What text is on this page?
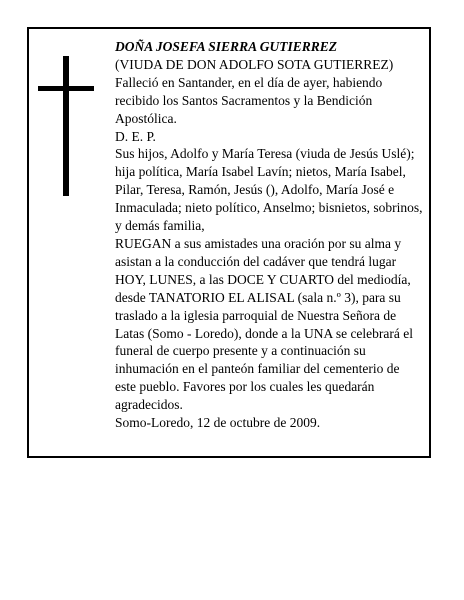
DOÑA JOSEFA SIERRA GUTIERREZ
(VIUDA DE DON ADOLFO SOTA GUTIERREZ)
Falleció en Santander, en el día de ayer, habiendo recibido los Santos Sacramentos y la Bendición Apostólica.
D. E. P.
Sus hijos, Adolfo y María Teresa (viuda de Jesús Uslé); hija política, María Isabel Lavín; nietos, María Isabel, Pilar, Teresa, Ramón, Jesús (), Adolfo, María José e Inmaculada; nieto político, Anselmo; bisnietos, sobrinos, y demás familia,
RUEGAN a sus amistades una oración por su alma y asistan a la conducción del cadáver que tendrá lugar HOY, LUNES, a las DOCE Y CUARTO del mediodía, desde TANATORIO EL ALISAL (sala n.º 3), para su traslado a la iglesia parroquial de Nuestra Señora de Latas (Somo - Loredo), donde a la UNA se celebrará el funeral de cuerpo presente y a continuación su inhumación en el panteón familiar del cementerio de este pueblo. Favores por los cuales les quedarán agradecidos.
Somo-Loredo, 12 de octubre de 2009.
